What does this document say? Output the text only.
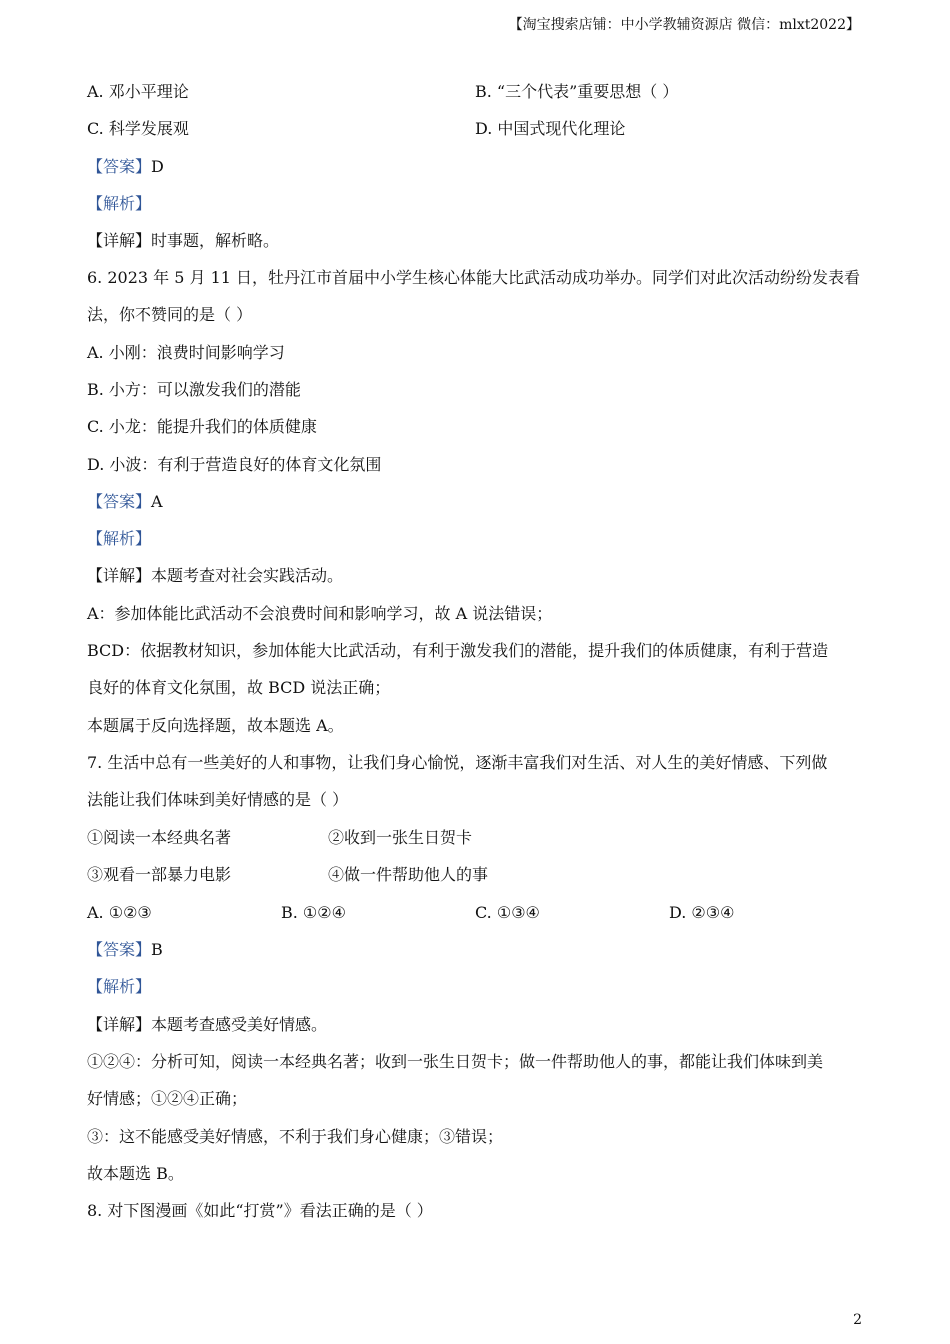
【淘宝搜索店铺：中小学教辅资源店 微信：mlxt2022】
A. 邓小平理论	B. “三个代表”重要思想（ ）
C. 科学发展观	D. 中国式现代化理论
【答案】D
【解析】
【详解】时事题，解析略。
6. 2023 年 5 月 11 日，牡丹江市首届中小学生核心体能大比武活动成功举办。同学们对此次活动纷纷发表看
法，你不赞同的是（ ）
A. 小刚：浪费时间影响学习
B. 小方：可以激发我们的潜能
C. 小龙：能提升我们的体质健康
D. 小波：有利于营造良好的体育文化氛围
【答案】A
【解析】
【详解】本题考查对社会实践活动。
A：参加体能比武活动不会浪费时间和影响学习，故 A 说法错误；
BCD：依据教材知识，参加体能大比武活动，有利于激发我们的潜能，提升我们的体质健康，有利于营造
良好的体育文化氛围，故 BCD 说法正确；
本题属于反向选择题，故本题选 A。
7. 生活中总有一些美好的人和事物，让我们身心愉悦，逐渐丰富我们对生活、对人生的美好情感、下列做
法能让我们体味到美好情感的是（ ）
①阅读一本经典名著	②收到一张生日贺卡
③观看一部暴力电影	④做一件帮助他人的事
A. ①②③	B. ①②④	C. ①③④	D. ②③④
【答案】B
【解析】
【详解】本题考查感受美好情感。
①②④：分析可知，阅读一本经典名著；收到一张生日贺卡；做一件帮助他人的事，都能让我们体味到美
好情感；①②④正确；
③：这不能感受美好情感，不利于我们身心健康；③错误；
故本题选 B。
8. 对下图漫画《如此“打赏”》看法正确的是（ ）
2
